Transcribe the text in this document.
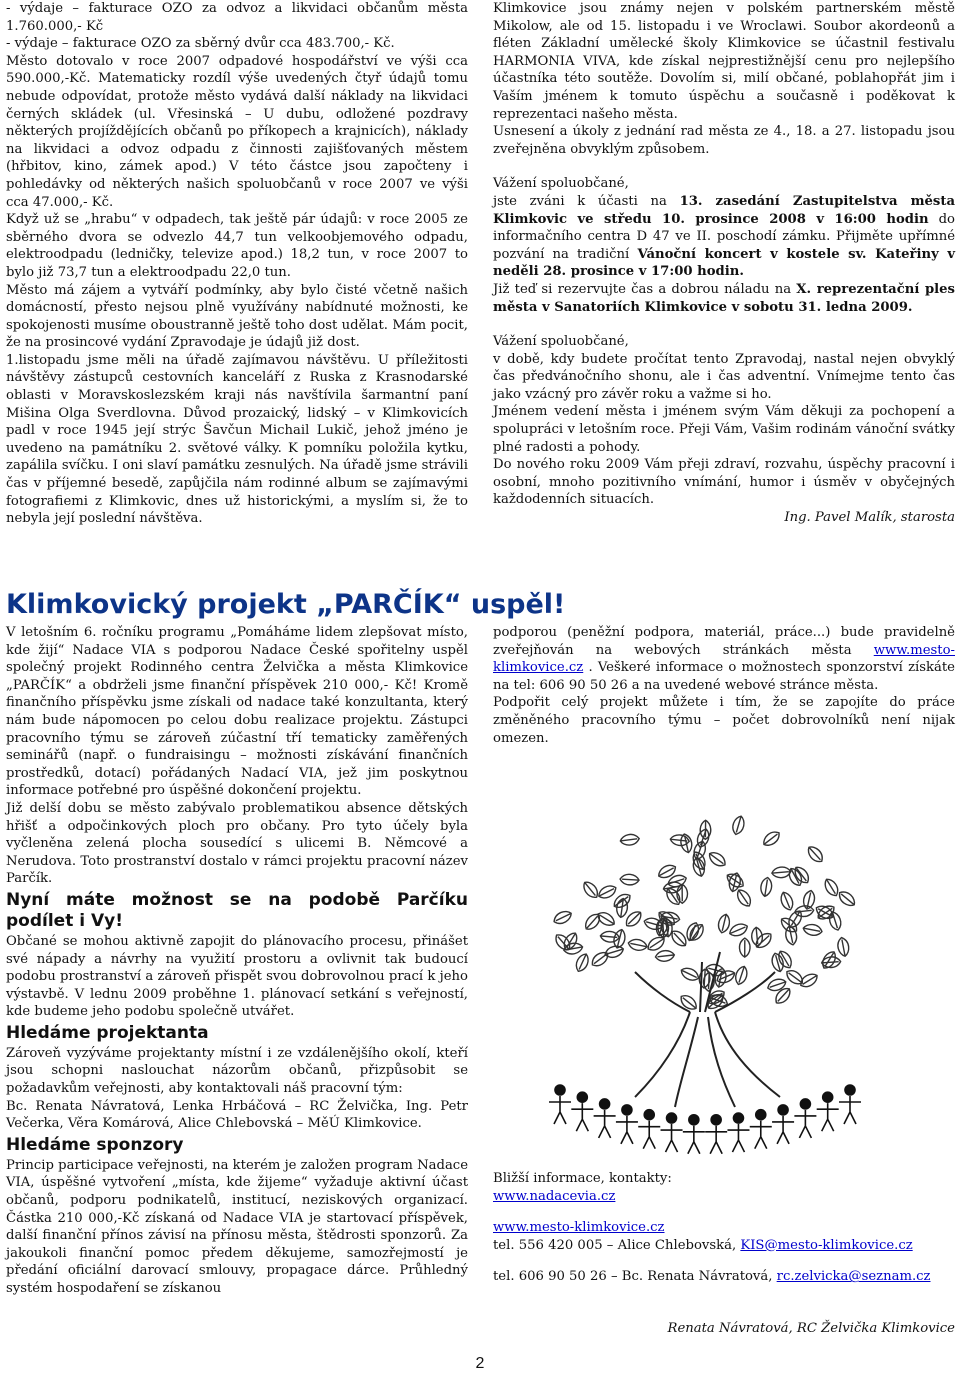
- výdaje – fakturace OZO za odvoz a likvidaci občanům města 1.760.000,- Kč

- výdaje – fakturace OZO za sběrný dvůr cca 483.700,- Kč.

Město dotovalo v roce 2007 odpadové hospodářství ve výši cca 590.000,-Kč. Matematicky rozdíl výše uvedených čtyř údajů tomu nebude odpovídat, protože město vydává další náklady na likvidaci černých skládek (ul. Vřesinská – U dubu, odložené pozdravy některých projíždějících občanů po příkopech a krajnicích), náklady na likvidaci a odvoz odpadu z činnosti zajišťovaných městem (hřbitov, kino, zámek apod.) V této částce jsou započteny i pohledávky od některých našich spoluobčanů v roce 2007 ve výši cca 47.000,- Kč.

Když už se „hrabu“ v odpadech, tak ještě pár údajů: v roce 2005 ze sběrného dvora se odvezlo 44,7 tun velkoobjemového odpadu, elektroodpadu (ledničky, televize apod.) 18,2 tun, v roce 2007 to bylo již 73,7 tun a elektroodpadu 22,0 tun.

Město má zájem a vytváří podmínky, aby bylo čisté včetně našich domácností, přesto nejsou plně využívány nabídnuté možnosti, ke spokojenosti musíme oboustranně ještě toho dost udělat. Mám pocit, že na prosincové vydání Zpravodaje je údajů již dost.

1.listopadu jsme měli na úřadě zajímavou návštěvu. U příležitosti návštěvy zástupců cestovních kanceláří z Ruska z Krasnodarské oblasti v Moravskoslezském kraji nás navštívila šarmantní paní Mišina Olga Sverdlovna. Důvod prozaický, lidský – v Klimkovicích padl v roce 1945 její strýc Šavčun Michail Lukič, jehož jméno je uvedeno na památníku 2. světové války. K pomníku položila kytku, zapálila svíčku. I oni slaví památku zesnulých. Na úřadě jsme strávili čas v příjemné besedě, zapůjčila nám rodinné album se zajímavými fotografiemi z Klimkovic, dnes už historickými, a myslím si, že to nebyla její poslední návštěva.

Klimkovice jsou známy nejen v polském partnerském městě Mikolow, ale od 15. listopadu i ve Wroclawi. Soubor akordeonů a fléten Základní umělecké školy Klimkovice se účastnil festivalu HARMONIA VIVA, kde získal nejprestižnější cenu pro nejlepšího účastníka této soutěže. Dovolím si, milí občané, poblahopřát jim i Vaším jménem k tomuto úspěchu a současně i poděkovat k reprezentaci našeho města.

Usnesení a úkoly z jednání rad města ze 4., 18. a 27. listopadu jsou zveřejněna obvyklým způsobem.

Vážení spoluobčané,

jste zváni k účasti na 13. zasedání Zastupitelstva města Klimkovic ve středu 10. prosince 2008 v 16:00 hodin do informačního centra D 47 ve II. poschodí zámku. Přijměte upřímné pozvání na tradiční Vánoční koncert v kostele sv. Kateřiny v neděli 28. prosince v 17:00 hodin.

Již teď si rezervujte čas a dobrou náladu na X. reprezentační ples města v Sanatoriích Klimkovice v sobotu 31. ledna 2009.

Vážení spoluobčané,

v době, kdy budete pročítat tento Zpravodaj, nastal nejen obvyklý čas předvánočního shonu, ale i čas adventní. Vnímejme tento čas jako vzácný pro závěr roku a važme si ho.

Jménem vedení města i jménem svým Vám děkuji za pochopení a spolupráci v letošním roce. Přeji Vám, Vašim rodinám vánoční svátky plné radosti a pohody.

Do nového roku 2009 Vám přeji zdraví, rozvahu, úspěchy pracovní i osobní, mnoho pozitivního vnímání, humor i úsměv v obyčejných každodenních situacích.

Ing. Pavel Malík, starosta

Klimkovický projekt „PARČÍK“ uspěl!

V letošním 6. ročníku programu „Pomáháme lidem zlepšovat místo, kde žijí“ Nadace VIA s podporou Nadace České spořitelny uspěl společný projekt Rodinného centra Želvička a města Klimkovice „PARČÍK“ a obdrželi jsme finanční příspěvek 210 000,- Kč! Kromě finančního příspěvku jsme získali od nadace také konzultanta, který nám bude nápomocen po celou dobu realizace projektu. Zástupci pracovního týmu se zároveň zúčastní tří tematicky zaměřených seminářů (např. o fundraisingu – možnosti získávání finančních prostředků, dotací) pořádaných Nadací VIA, jež jim poskytnou informace potřebné pro úspěšné dokončení projektu.

Již delší dobu se město zabývalo problematikou absence dětských hřišť a odpočinkových ploch pro občany. Pro tyto účely byla vyčleněna zelená plocha sousedící s ulicemi B. Němcové a Nerudova. Toto prostranství dostalo v rámci projektu pracovní název Parčík.

Nyní máte možnost se na podobě Parčíku podílet i Vy!

Občané se mohou aktivně zapojit do plánovacího procesu, přinášet své nápady a návrhy na využití prostoru a ovlivnit tak budoucí podobu prostranství a zároveň přispět svou dobrovolnou prací k jeho výstavbě. V lednu 2009 proběhne 1. plánovací setkání s veřejností, kde budeme jeho podobu společně utvářet.

Hledáme projektanta

Zároveň vyzýváme projektanty místní i ze vzdálenějšího okolí, kteří jsou schopni naslouchat názorům občanů, přizpůsobit se požadavkům veřejnosti, aby kontaktovali náš pracovní tým:

Bc. Renata Návratová, Lenka Hrbáčová – RC Želvička, Ing. Petr Večerka, Věra Komárová, Alice Chlebovská – MěÚ Klimkovice.

Hledáme sponzory

Princip participace veřejnosti, na kterém je založen program Nadace VIA, úspěšné vytvoření „místa, kde žijeme“ vyžaduje aktivní účast občanů, podporu podnikatelů, institucí, neziskových organizací. Částka 210 000,-Kč získaná od Nadace VIA je startovací příspěvek, další finanční přínos závisí na přínosu města, štědrosti sponzorů. Za jakoukoli finanční pomoc předem děkujeme, samozřejmostí je předání oficiální darovací smlouvy, propagace dárce. Průhledný systém hospodaření se získanou

podporou (peněžní podpora, materiál, práce...) bude pravidelně zveřejňován na webových stránkách města www.mesto-klimkovice.cz . Veškeré informace o možnostech sponzorství získáte na tel: 606 90 50 26 a na uvedené webové stránce města.

Podpořit celý projekt můžete i tím, že se zapojíte do práce změněného pracovního týmu – počet dobrovolníků není nijak omezen.

Bližší informace, kontakty:

www.nadacevia.cz

www.mesto-klimkovice.cz

tel. 556 420 005 – Alice Chlebovská, KIS@mesto-klimkovice.cz

tel. 606 90 50 26 – Bc. Renata Návratová, rc.zelvicka@seznam.cz

Renata Návratová, RC Želvička Klimkovice

2
